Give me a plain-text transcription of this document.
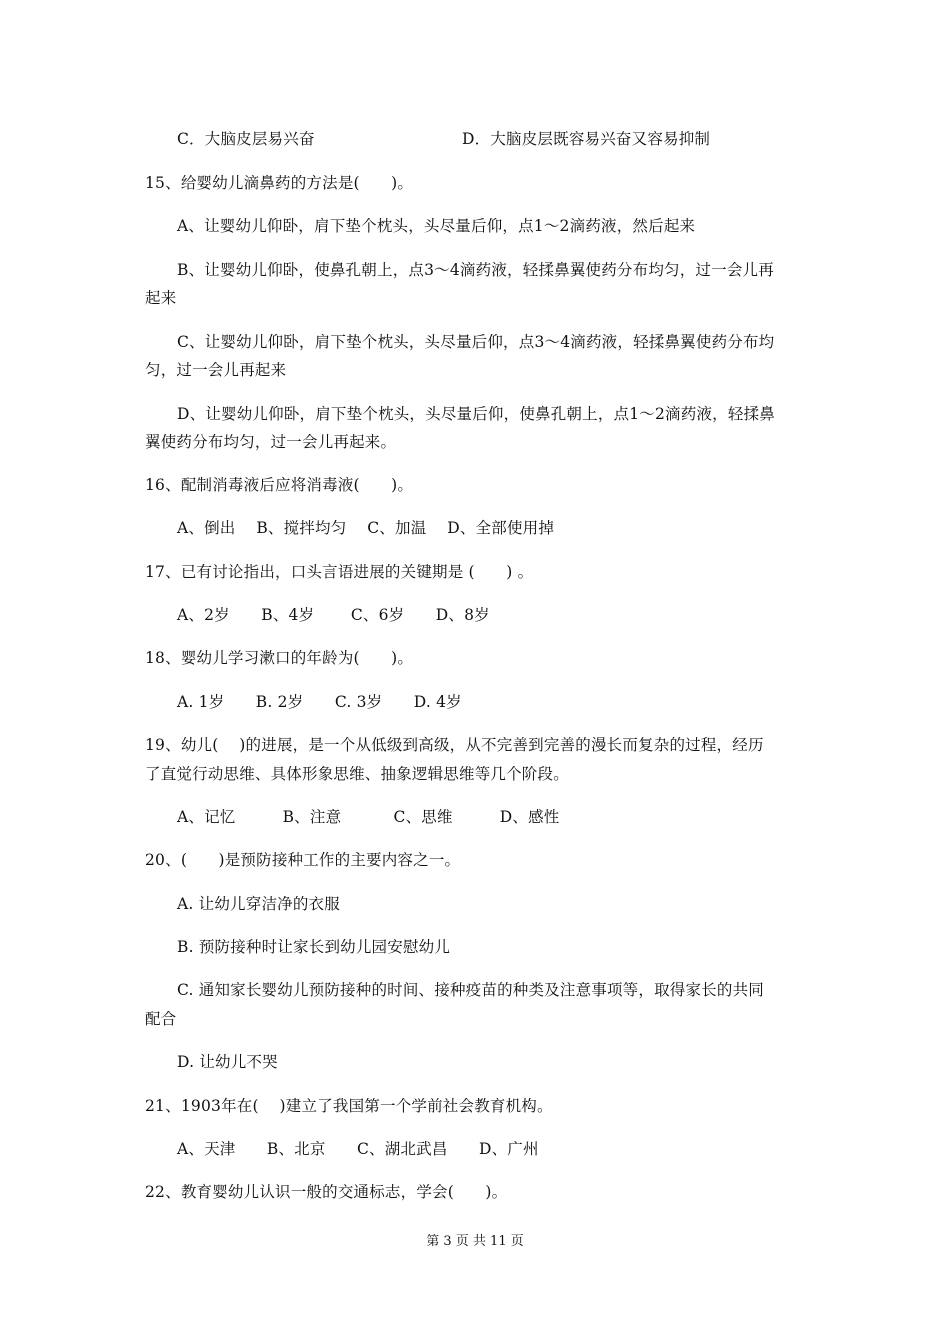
C．大脑皮层易兴奋	D．大脑皮层既容易兴奋又容易抑制
15、给婴幼儿滴鼻药的方法是(　　)。
A、让婴幼儿仰卧，肩下垫个枕头，头尽量后仰，点1～2滴药液，然后起来
B、让婴幼儿仰卧，使鼻孔朝上，点3～4滴药液，轻揉鼻翼使药分布均匀，过一会儿再
起来
C、让婴幼儿仰卧，肩下垫个枕头，头尽量后仰，点3～4滴药液，轻揉鼻翼使药分布均
匀，过一会儿再起来
D、让婴幼儿仰卧，肩下垫个枕头，头尽量后仰，使鼻孔朝上，点1～2滴药液，轻揉鼻
翼使药分布均匀，过一会儿再起来。
16、配制消毒液后应将消毒液(　　)。
A、倒出　 B、搅拌均匀　 C、加温　 D、全部使用掉
17、已有讨论指出，口头言语进展的关键期是 (　　) 。
A、2岁　　B、4岁　　 C、6岁　　D、8岁
18、婴幼儿学习漱口的年龄为(　　)。
A. 1岁　　B. 2岁　　C. 3岁　　D. 4岁
19、幼儿(　 )的进展，是一个从低级到高级，从不完善到完善的漫长而复杂的过程，经历
了直觉行动思维、具体形象思维、抽象逻辑思维等几个阶段。
A、记忆　　　B、注意　　　 C、思维　　　D、感性
20、(　　)是预防接种工作的主要内容之一。
A. 让幼儿穿洁净的衣服
B. 预防接种时让家长到幼儿园安慰幼儿
C. 通知家长婴幼儿预防接种的时间、接种疫苗的种类及注意事项等，取得家长的共同
配合
D. 让幼儿不哭
21、1903年在(　 )建立了我国第一个学前社会教育机构。
A、天津　　B、北京　　C、湖北武昌　　D、广州
22、教育婴幼儿认识一般的交通标志，学会(　　)。
第 3 页 共 11 页
